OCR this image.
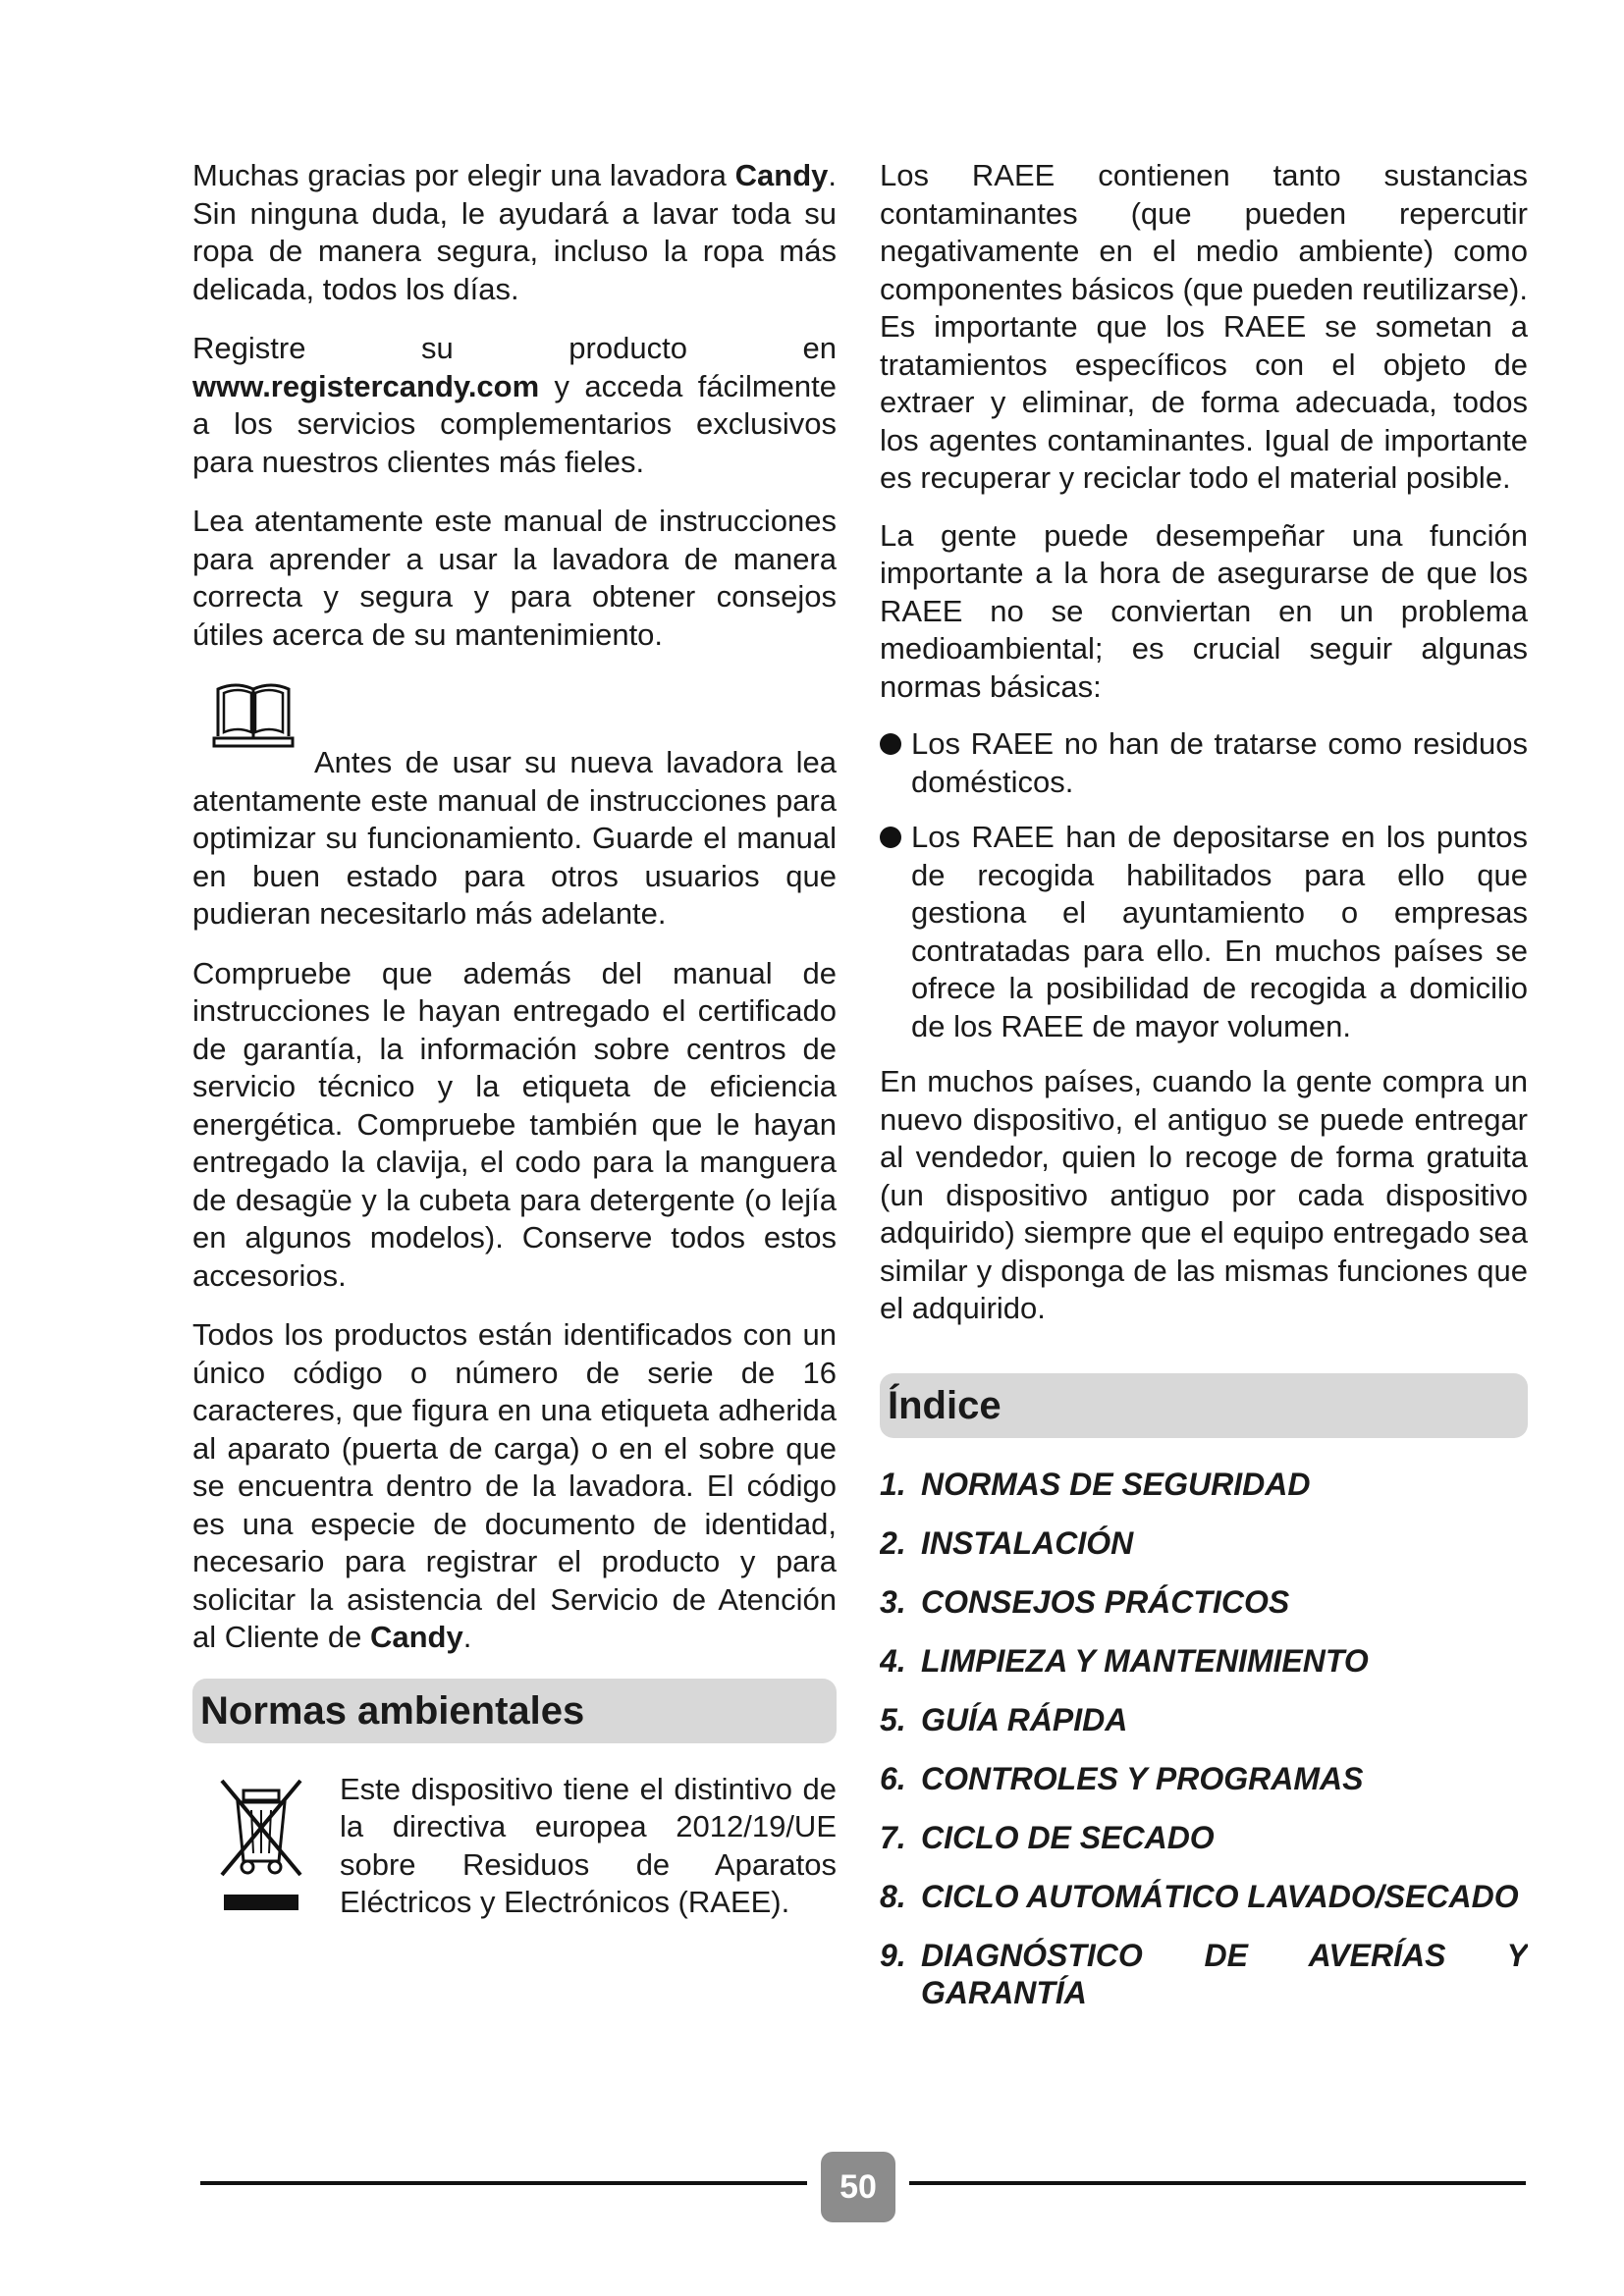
Muchas gracias por elegir una lavadora Candy. Sin ninguna duda, le ayudará a lavar toda su ropa de manera segura, incluso la ropa más delicada, todos los días.

Registre su producto en www.registercandy.com y acceda fácilmente a los servicios complementarios exclusivos para nuestros clientes más fieles.

Lea atentamente este manual de instrucciones para aprender a usar la lavadora de manera correcta y segura y para obtener consejos útiles acerca de su mantenimiento.

Antes de usar su nueva lavadora lea atentamente este manual de instrucciones para optimizar su funcionamiento. Guarde el manual en buen estado para otros usuarios que pudieran necesitarlo más adelante.

Compruebe que además del manual de instrucciones le hayan entregado el certificado de garantía, la información sobre centros de servicio técnico y la etiqueta de eficiencia energética. Compruebe también que le hayan entregado la clavija, el codo para la manguera de desagüe y la cubeta para detergente (o lejía en algunos modelos). Conserve todos estos accesorios.

Todos los productos están identificados con un único código o número de serie de 16 caracteres, que figura en una etiqueta adherida al aparato (puerta de carga) o en el sobre que se encuentra dentro de la lavadora. El código es una especie de documento de identidad, necesario para registrar el producto y para solicitar la asistencia del Servicio de Atención al Cliente de Candy.

Normas ambientales

Este dispositivo tiene el distintivo de la directiva europea 2012/19/UE sobre Residuos de Aparatos Eléctricos y Electrónicos (RAEE).

Los RAEE contienen tanto sustancias contaminantes (que pueden repercutir negativamente en el medio ambiente) como componentes básicos (que pueden reutilizarse). Es importante que los RAEE se sometan a tratamientos específicos con el objeto de extraer y eliminar, de forma adecuada, todos los agentes contaminantes. Igual de importante es recuperar y reciclar todo el material posible.

La gente puede desempeñar una función importante a la hora de asegurarse de que los RAEE no se conviertan en un problema medioambiental; es crucial seguir algunas normas básicas:

Los RAEE no han de tratarse como residuos domésticos.

Los RAEE han de depositarse en los puntos de recogida habilitados para ello que gestiona el ayuntamiento o empresas contratadas para ello. En muchos países se ofrece la posibilidad de recogida a domicilio de los RAEE de mayor volumen.

En muchos países, cuando la gente compra un nuevo dispositivo, el antiguo se puede entregar al vendedor, quien lo recoge de forma gratuita (un dispositivo antiguo por cada dispositivo adquirido) siempre que el equipo entregado sea similar y disponga de las mismas funciones que el adquirido.

Índice
1. NORMAS DE SEGURIDAD
2. INSTALACIÓN
3. CONSEJOS PRÁCTICOS
4. LIMPIEZA Y MANTENIMIENTO
5. GUÍA RÁPIDA
6. CONTROLES Y PROGRAMAS
7. CICLO DE SECADO
8. CICLO AUTOMÁTICO LAVADO/SECADO
9. DIAGNÓSTICO DE AVERÍAS Y GARANTÍA
50
